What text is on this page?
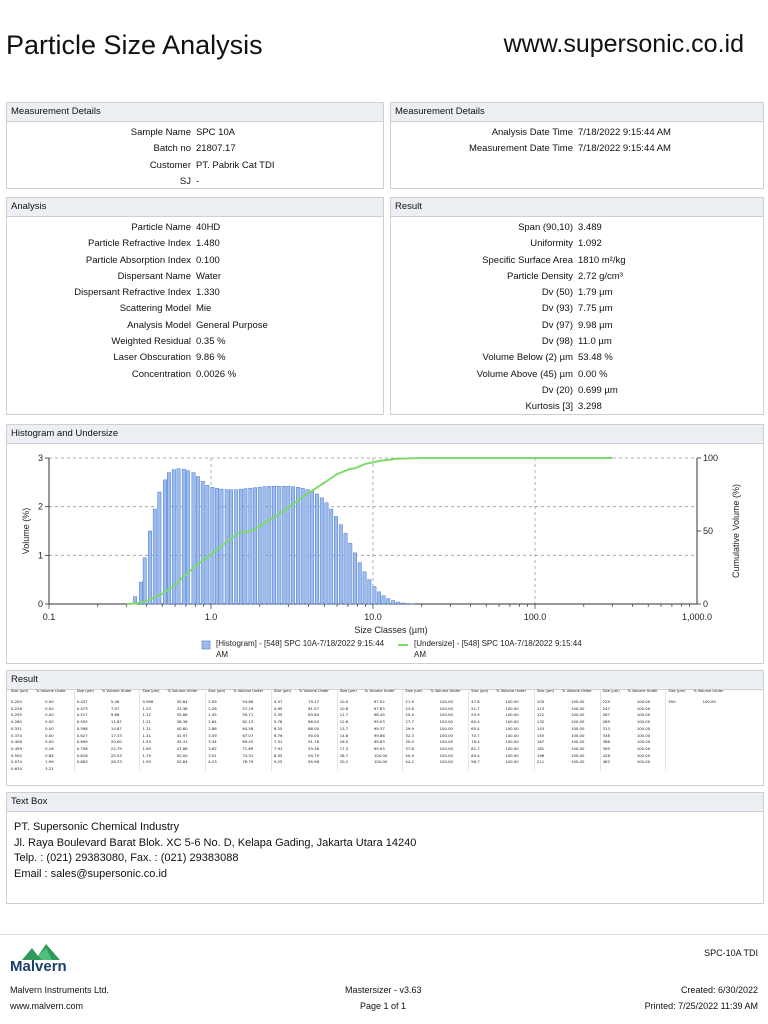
Particle Size Analysis	www.supersonic.co.id
Measurement Details
Sample Name SPC 10A
Batch no 21807.17
Customer PT. Pabrik Cat TDI
SJ -
Measurement Details
Analysis Date Time 7/18/2022 9:15:44 AM
Measurement Date Time 7/18/2022 9:15:44 AM
Analysis
Particle Name 40HD
Particle Refractive Index 1.480
Particle Absorption Index 0.100
Dispersant Name Water
Dispersant Refractive Index 1.330
Scattering Model Mie
Analysis Model General Purpose
Weighted Residual 0.35 %
Laser Obscuration 9.86 %
Concentration 0.0026 %
Result
Span (90,10) 3.489
Uniformity 1.092
Specific Surface Area 1810 m²/kg
Particle Density 2.72 g/cm³
Dv (50) 1.79 µm
Dv (93) 7.75 µm
Dv (97) 9.98 µm
Dv (98) 11.0 µm
Volume Below (2) µm 53.48 %
Volume Above (45) µm 0.00 %
Dv (20) 0.699 µm
Kurtosis [3] 3.298
Histogram and Undersize
0.1	1.0	10.0	100.0	1,000.0
0
1
2
3
0
50
100
Size Classes (µm)
Volume (%)	Cumulative Volume (%)
[Histogram] - [548] SPC 10A-7/18/2022 9:15:44
AM
[Undersize] - [548] SPC 10A-7/18/2022 9:15:44
AM
Result
Size (µm) % Volume Under
0.200	0.00
0.226	0.00
0.255	0.00
0.280	0.00
0.331	0.00
0.374	0.00
0.406	0.00
0.459	0.16
0.500	0.84
0.574	1.99
0.634	3.21
Size (µm) % Volume Under
0.437	5.06
0.473	7.07
0.517	9.66
0.555	11.87
0.598	14.87
0.627	17.33
0.699	20.00
0.756	22.79
0.816	25.53
0.883	28.33
Size (µm) % Volume Under
0.956	30.84
1.03	33.38
1.12	35.86
1.21	38.36
1.31	40.60
1.41	42.97
1.53	45.31
1.65	47.66
1.79	50.00
1.93	52.64
Size (µm) % Volume Under
2.09	54.86
2.26	57.29
2.45	59.71
2.64	62.15
2.86	64.58
3.09	67.07
3.34	69.45
3.62	71.89
3.91	74.31
4.23	76.79
Size (µm) % Volume Under
4.57	79.17
4.95	81.57
5.35	83.80
5.78	86.00
6.25	88.00
6.76	90.00
7.31	91.76
7.91	93.36
8.55	94.79
9.25	95.98
Size (µm) % Volume Under
10.0	97.02
10.8	97.83
11.7	98.49
12.6	99.03
13.7	99.37
14.8	99.66
16.0	99.83
17.3	99.93
18.7	100.00
20.2	100.00
Size (µm) % Volume Under
21.9	100.00
23.6	100.00
25.4	100.00
27.7	100.00
29.9	100.00
32.3	100.00
35.0	100.00
37.8	100.00
40.9	100.00
44.2	100.00
Size (µm) % Volume Under
47.8	100.00
51.7	100.00
55.9	100.00
60.4	100.00
65.4	100.00
70.7	100.00
76.4	100.00
82.7	100.00
89.4	100.00
96.7	100.00
Size (µm) % Volume Under
105	100.00
113	100.00
122	100.00
132	100.00
143	100.00
155	100.00
167	100.00
181	100.00
196	100.00
211	100.00
Size (µm) % Volume Under
229	100.00
247	100.00
267	100.00
289	100.00
313	100.00
338	100.00
366	100.00
395	100.00
428	100.00
462	100.00
Size (µm) % Volume Under
500	100.00
Text Box
PT. Supersonic Chemical Industry
Jl. Raya Boulevard Barat Blok. XC 5-6 No. D, Kelapa Gading, Jakarta Utara 14240
Telp. : (021) 29383080, Fax. : (021) 29383088
Email : sales@supersonic.co.id
Malvern
SPC-10A TDI
Malvern Instruments Ltd.
www.malvern.com
Mastersizer - v3.63
Page 1 of 1
Created: 6/30/2022
Printed: 7/25/2022 11:39 AM
